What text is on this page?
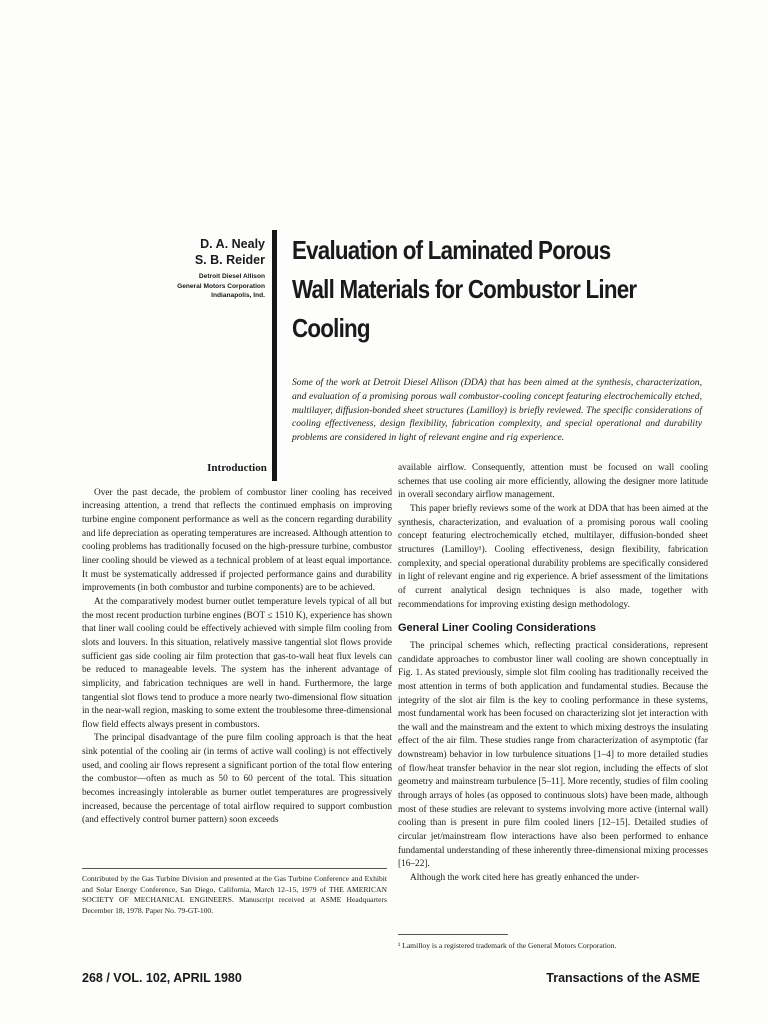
D. A. Nealy
S. B. Reider
Detroit Diesel Allison
General Motors Corporation
Indianapolis, Ind.
Evaluation of Laminated Porous
Wall Materials for Combustor Liner
Cooling
Some of the work at Detroit Diesel Allison (DDA) that has been aimed at the synthesis, characterization, and evaluation of a promising porous wall combustor-cooling concept featuring electrochemically etched, multilayer, diffusion-bonded sheet structures (Lamilloy) is briefly reviewed. The specific considerations of cooling effectiveness, design flexibility, fabrication complexity, and special operational and durability problems are considered in light of relevant engine and rig experience.
Introduction

Over the past decade, the problem of combustor liner cooling has received increasing attention, a trend that reflects the continued emphasis on improving turbine engine component performance as well as the concern regarding durability and life depreciation as operating temperatures are increased. Although attention to cooling problems has traditionally focused on the high-pressure turbine, combustor liner cooling should be viewed as a technical problem of at least equal importance. It must be systematically addressed if projected performance gains and durability improvements (in both combustor and turbine components) are to be achieved.

At the comparatively modest burner outlet temperature levels typical of all but the most recent production turbine engines (BOT ≤ 1510 K), experience has shown that liner wall cooling could be effectively achieved with simple film cooling from slots and louvers. In this situation, relatively massive tangential slot flows provide sufficient gas side cooling air film protection that gas-to-wall heat flux levels can be reduced to manageable levels. The system has the inherent advantage of simplicity, and fabrication techniques are well in hand. Furthermore, the large tangential slot flows tend to produce a more nearly two-dimensional flow situation in the near-wall region, masking to some extent the troublesome three-dimensional flow field effects always present in combustors.

The principal disadvantage of the pure film cooling approach is that the heat sink potential of the cooling air (in terms of active wall cooling) is not effectively used, and cooling air flows represent a significant portion of the total flow entering the combustor—often as much as 50 to 60 percent of the total. This situation becomes increasingly intolerable as burner outlet temperatures are progressively increased, because the percentage of total airflow required to support combustion (and effectively control burner pattern) soon exceeds

available airflow. Consequently, attention must be focused on wall cooling schemes that use cooling air more efficiently, allowing the designer more latitude in overall secondary airflow management.

This paper briefly reviews some of the work at DDA that has been aimed at the synthesis, characterization, and evaluation of a promising porous wall cooling concept featuring electrochemically etched, multilayer, diffusion-bonded sheet structures (Lamilloy¹). Cooling effectiveness, design flexibility, fabrication complexity, and special operational durability problems are specifically considered in light of relevant engine and rig experience. A brief assessment of the limitations of current analytical design techniques is also made, together with recommendations for improving existing design methodology.

General Liner Cooling Considerations

The principal schemes which, reflecting practical considerations, represent candidate approaches to combustor liner wall cooling are shown conceptually in Fig. 1. As stated previously, simple slot film cooling has traditionally received the most attention in terms of both application and fundamental studies. Because the integrity of the slot air film is the key to cooling performance in these systems, most fundamental work has been focused on characterizing slot jet interaction with the wall and the mainstream and the extent to which mixing destroys the insulating effect of the air film. These studies range from characterization of asymptotic (far downstream) behavior in low turbulence situations [1–4] to more detailed studies of flow/heat transfer behavior in the near slot region, including the effects of slot geometry and mainstream turbulence [5–11]. More recently, studies of film cooling through arrays of holes (as opposed to continuous slots) have been made, although most of these studies are relevant to systems involving more active (internal wall) cooling than is present in pure film cooled liners [12–15]. Detailed studies of circular jet/mainstream flow interactions have also been performed to enhance fundamental understanding of these inherently three-dimensional mixing processes [16–22].

Although the work cited here has greatly enhanced the under-

Contributed by the Gas Turbine Division and presented at the Gas Turbine Conference and Exhibit and Solar Energy Conference, San Diego, California, March 12–15, 1979 of THE AMERICAN SOCIETY OF MECHANICAL ENGINEERS. Manuscript received at ASME Headquarters December 18, 1978. Paper No. 79-GT-100.
¹ Lamilloy is a registered trademark of the General Motors Corporation.
268 / VOL. 102, APRIL 1980	Transactions of the ASME
